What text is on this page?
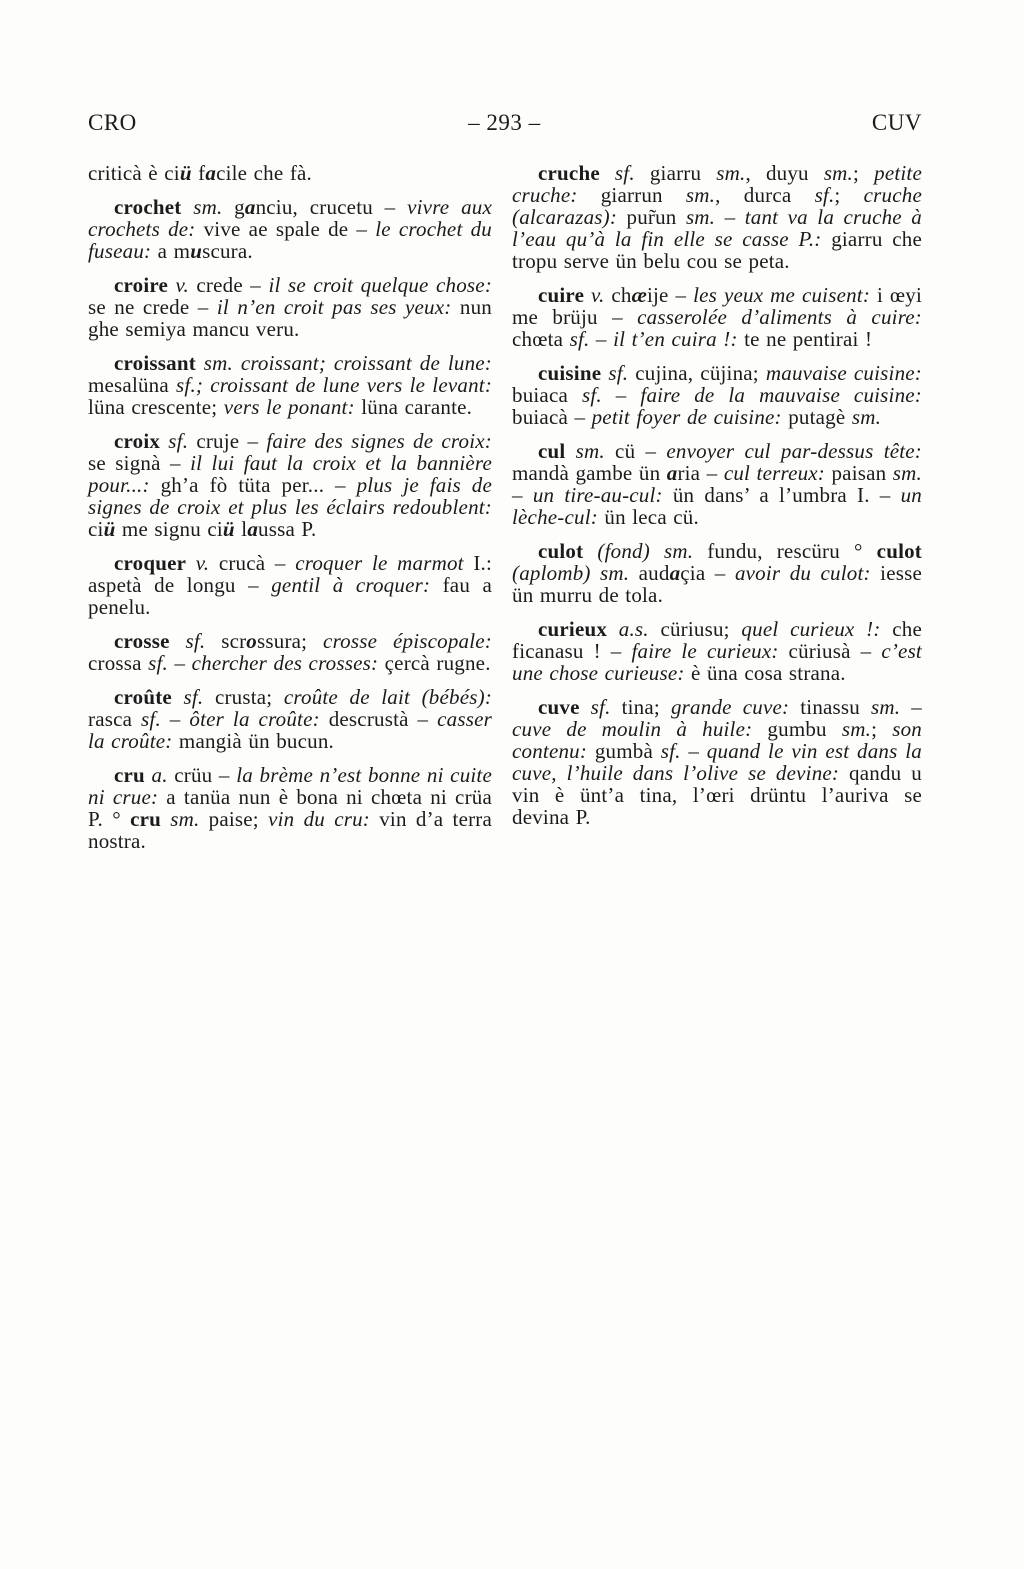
CRO	– 293 –	CUV

criticà è ciü facile che fà.

crochet sm. ganciu, crucetu – vivre aux crochets de: vive ae spale de – le crochet du fuseau: a muscura.

croire v. crede – il se croit quelque chose: se ne crede – il n’en croit pas ses yeux: nun ghe semiya mancu veru.

croissant sm. croissant; croissant de lune: mesalüna sf.; croissant de lune vers le levant: lüna crescente; vers le ponant: lüna carante.

croix sf. cruje – faire des signes de croix: se signà – il lui faut la croix et la bannière pour...: gh’a fò tüta per... – plus je fais de signes de croix et plus les éclairs redoublent: ciü me signu ciü laussa P.

croquer v. crucà – croquer le marmot I.: aspetà de longu – gentil à croquer: fau a penelu.

crosse sf. scrossura; crosse épiscopale: crossa sf. – chercher des crosses: çercà rugne.

croûte sf. crusta; croûte de lait (bébés): rasca sf. – ôter la croûte: descrustà – casser la croûte: mangià ün bucun.

cru a. crüu – la brème n’est bonne ni cuite ni crue: a tanüa nun è bona ni chœta ni crüa P. ° cru sm. paise; vin du cru: vin d’a terra nostra.

cruche sf. giarru sm., duyu sm.; petite cruche: giarrun sm., durca sf.; cruche (alcarazas): pur̃un sm. – tant va la cruche à l’eau qu’à la fin elle se casse P.: giarru che tropu serve ün belu cou se peta.

cuire v. chæije – les yeux me cuisent: i œyi me brüju – casserolée d’aliments à cuire: chœta sf. – il t’en cuira !: te ne pentirai !

cuisine sf. cujina, cüjina; mauvaise cuisine: buiaca sf. – faire de la mauvaise cuisine: buiacà – petit foyer de cuisine: putagè sm.

cul sm. cü – envoyer cul par-dessus tête: mandà gambe ün aria – cul terreux: paisan sm. – un tire-au-cul: ün dans’ a l’umbra I. – un lèche-cul: ün leca cü.

culot (fond) sm. fundu, rescüru ° culot (aplomb) sm. audaçia – avoir du culot: iesse ün murru de tola.

curieux a.s. cüriusu; quel curieux !: che ficanasu ! – faire le curieux: cüriusà – c’est une chose curieuse: è üna cosa strana.

cuve sf. tina; grande cuve: tinassu sm. – cuve de moulin à huile: gumbu sm.; son contenu: gumbà sf. – quand le vin est dans la cuve, l’huile dans l’olive se devine: qandu u vin è ünt’a tina, l’œri drüntu l’auriva se devina P.
